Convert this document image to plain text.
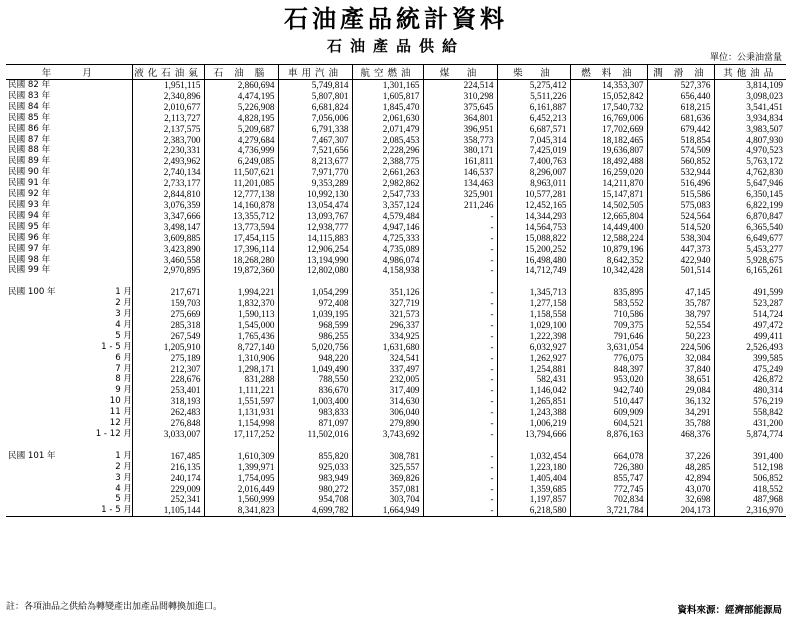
石油產品統計資料
石油產品供給
單位：公秉油當量
年　　月	液化石油氣	石 油 腦	車用汽油	航空燃油	煤　油	柴　油	燃 料 油	潤 滑 油	其他油品
民國 82 年	1,951,115	2,860,694	5,749,814	1,301,165	224,514	5,275,412	14,353,307	527,376	3,814,109
民國 83 年	2,340,896	4,474,195	5,807,801	1,605,817	310,298	5,511,226	15,052,842	656,440	3,098,023
民國 84 年	2,010,677	5,226,908	6,681,824	1,845,470	375,645	6,161,887	17,540,732	618,215	3,541,451
民國 85 年	2,113,727	4,828,195	7,056,006	2,061,630	364,801	6,452,213	16,769,006	681,636	3,934,834
民國 86 年	2,137,575	5,209,687	6,791,338	2,071,479	396,951	6,687,571	17,702,669	679,442	3,983,507
民國 87 年	2,383,700	4,279,684	7,467,307	2,085,453	358,773	7,045,314	18,182,465	518,854	4,807,930
民國 88 年	2,230,331	4,736,999	7,521,656	2,228,296	380,171	7,425,019	19,636,807	574,509	4,970,523
民國 89 年	2,493,962	6,249,085	8,213,677	2,388,775	161,811	7,400,763	18,492,488	560,852	5,763,172
民國 90 年	2,740,134	11,507,621	7,971,770	2,661,263	146,537	8,296,007	16,259,020	532,944	4,762,830
民國 91 年	2,733,177	11,201,085	9,353,289	2,982,862	134,463	8,963,011	14,211,870	516,496	5,647,946
民國 92 年	2,844,810	12,777,138	10,992,130	2,547,733	325,901	10,577,281	15,147,871	515,586	6,350,145
民國 93 年	3,076,359	14,160,878	13,054,474	3,357,124	211,246	12,452,165	14,502,505	575,083	6,822,199
民國 94 年	3,347,666	13,355,712	13,093,767	4,579,484	-	14,344,293	12,665,804	524,564	6,870,847
民國 95 年	3,498,147	13,773,594	12,938,777	4,947,146	-	14,564,753	14,449,400	514,520	6,365,540
民國 96 年	3,609,885	17,454,115	14,115,883	4,725,333	-	15,088,822	12,588,224	538,304	6,649,677
民國 97 年	3,423,890	17,396,114	12,906,254	4,735,089	-	15,200,252	10,879,196	447,373	5,453,277
民國 98 年	3,460,558	18,268,280	13,194,990	4,986,074	-	16,498,480	8,642,352	422,940	5,928,675
民國 99 年	2,970,895	19,872,360	12,802,080	4,158,938	-	14,712,749	10,342,428	501,514	6,165,261

民國 100 年 1 月	217,671	1,994,221	1,054,299	351,126	-	1,345,713	835,895	47,145	491,599
2 月	159,703	1,832,370	972,408	327,719	-	1,277,158	583,552	35,787	523,287
3 月	275,669	1,590,113	1,039,195	321,573	-	1,158,558	710,586	38,797	514,724
4 月	285,318	1,545,000	968,599	296,337	-	1,029,100	709,375	52,554	497,472
5 月	267,549	1,765,436	986,255	334,925	-	1,222,398	791,646	50,223	499,411
1 - 5 月	1,205,910	8,727,140	5,020,756	1,631,680	-	6,032,927	3,631,054	224,506	2,526,493
6 月	275,189	1,310,906	948,220	324,541	-	1,262,927	776,075	32,084	399,585
7 月	212,307	1,298,171	1,049,490	337,497	-	1,254,881	848,397	37,840	475,249
8 月	228,676	831,288	788,550	232,005	-	582,431	953,020	38,651	426,872
9 月	253,401	1,111,221	836,670	317,409	-	1,146,042	942,740	29,084	480,314
10 月	318,193	1,551,597	1,003,400	314,630	-	1,265,851	510,447	36,132	576,219
11 月	262,483	1,131,931	983,833	306,040	-	1,243,388	609,909	34,291	558,842
12 月	276,848	1,154,998	871,097	279,890	-	1,006,219	604,521	35,788	431,200
1 - 12 月	3,033,007	17,117,252	11,502,016	3,743,692	-	13,794,666	8,876,163	468,376	5,874,774

民國 101 年 1 月	167,485	1,610,309	855,820	308,781	-	1,032,454	664,078	37,226	391,400
2 月	216,135	1,399,971	925,033	325,557	-	1,223,180	726,380	48,285	512,198
3 月	240,174	1,754,095	983,949	369,826	-	1,405,404	855,747	42,894	506,852
4 月	229,009	2,016,449	980,272	357,081	-	1,359,685	772,745	43,070	418,552
5 月	252,341	1,560,999	954,708	303,704	-	1,197,857	702,834	32,698	487,968
1 - 5 月	1,105,144	8,341,823	4,699,782	1,664,949	-	6,218,580	3,721,784	204,173	2,316,970
註：各項油品之供給為轉變產出加產品間轉換加進口。	資料來源：經濟部能源局
